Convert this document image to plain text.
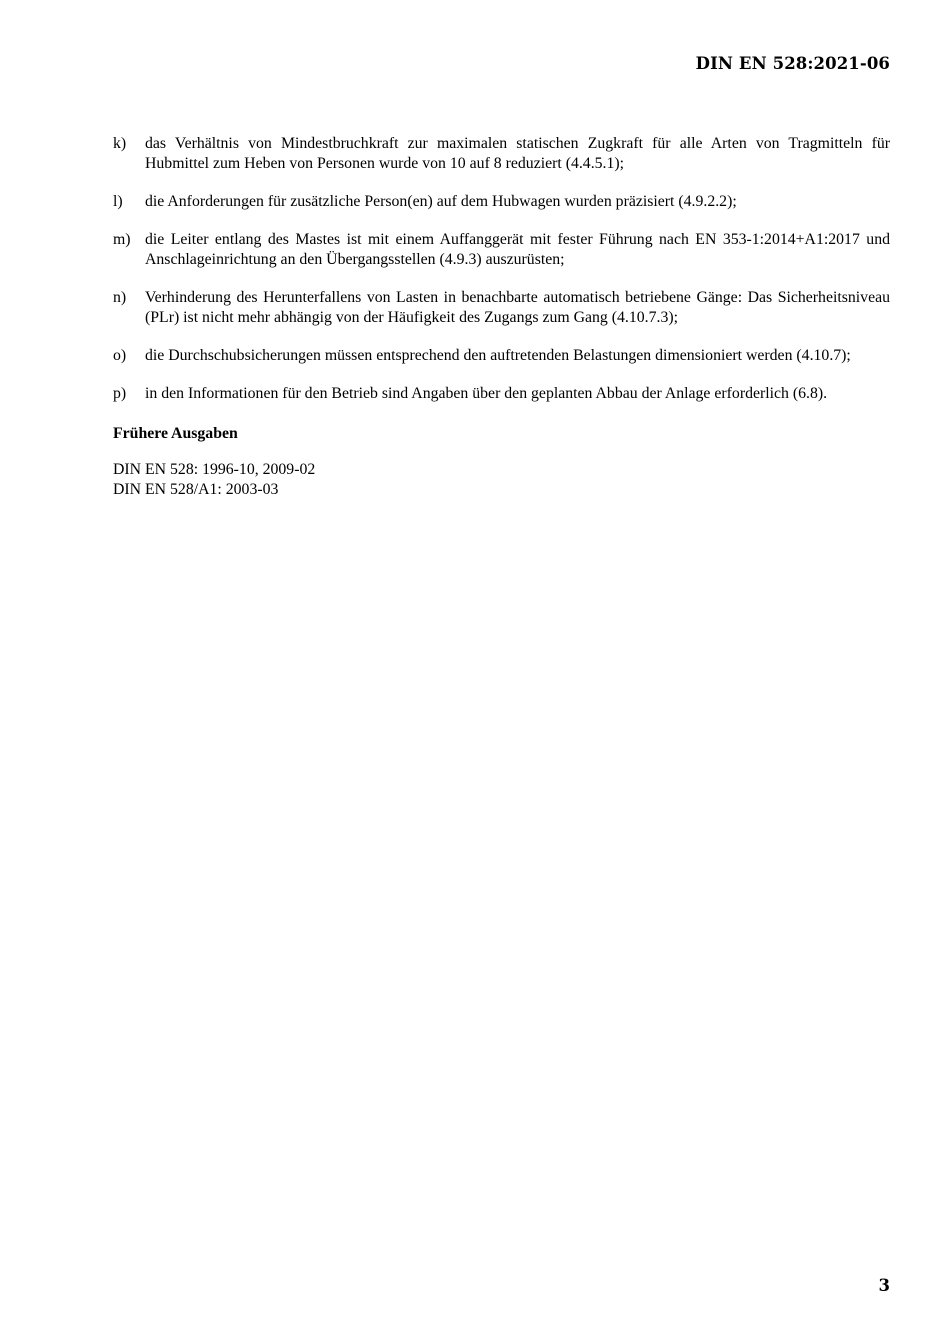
DIN EN 528:2021-06
k)	das Verhältnis von Mindestbruchkraft zur maximalen statischen Zugkraft für alle Arten von Tragmitteln für Hubmittel zum Heben von Personen wurde von 10 auf 8 reduziert (4.4.5.1);
l)	die Anforderungen für zusätzliche Person(en) auf dem Hubwagen wurden präzisiert (4.9.2.2);
m) die Leiter entlang des Mastes ist mit einem Auffanggerät mit fester Führung nach EN 353-1:2014+A1:2017 und Anschlageinrichtung an den Übergangsstellen (4.9.3) auszurüsten;
n)	Verhinderung des Herunterfallens von Lasten in benachbarte automatisch betriebene Gänge: Das Sicherheitsniveau (PLr) ist nicht mehr abhängig von der Häufigkeit des Zugangs zum Gang (4.10.7.3);
o)	die Durchschubsicherungen müssen entsprechend den auftretenden Belastungen dimensioniert werden (4.10.7);
p)	in den Informationen für den Betrieb sind Angaben über den geplanten Abbau der Anlage erforderlich (6.8).
Frühere Ausgaben
DIN EN 528: 1996-10, 2009-02
DIN EN 528/A1: 2003-03
3
